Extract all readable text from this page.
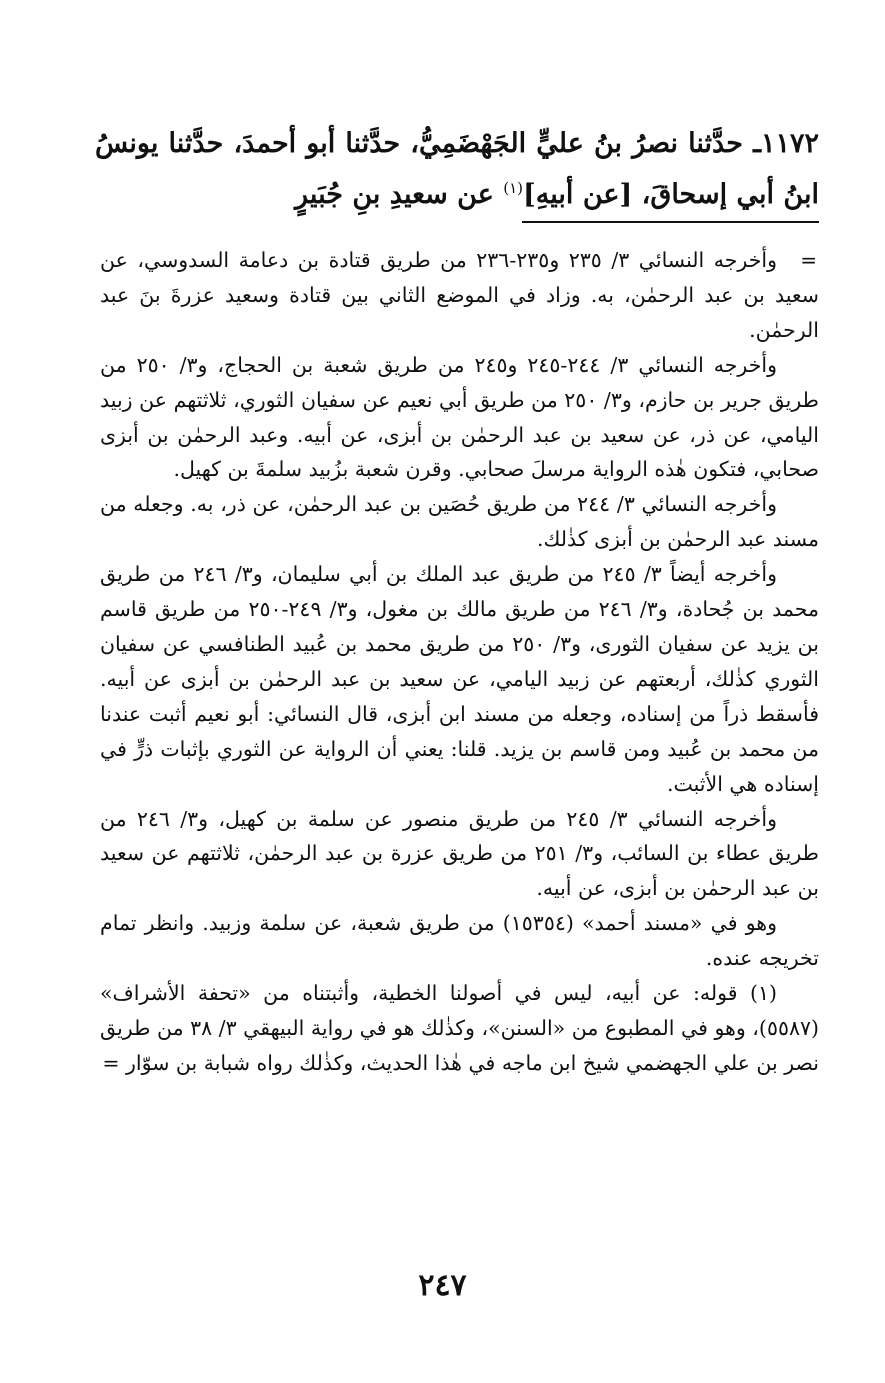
١١٧٢ـ حدَّثنا نصرُ بنُ عليٍّ الجَهْضَمِيُّ، حدَّثنا أبو أحمدَ، حدَّثنا يونسُ ابنُ أبي إسحاقَ، [عن أبيهِ]$^{(١)}$ عن سعيدِ بنِ جُبَيرٍ

=
وأخرجه النسائي ٣/ ٢٣٥ و٢٣٥-٢٣٦ من طريق قتادة بن دعامة السدوسي، عن سعيد بن عبد الرحمٰن، به. وزاد في الموضع الثاني بين قتادة وسعيد عزرةَ بنَ عبد الرحمٰن.

وأخرجه النسائي ٣/ ٢٤٤-٢٤٥ و٢٤٥ من طريق شعبة بن الحجاج، و٣/ ٢٥٠ من طريق جرير بن حازم، و٣/ ٢٥٠ من طريق أبي نعيم عن سفيان الثوري، ثلاثتهم عن زبيد اليامي، عن ذر، عن سعيد بن عبد الرحمٰن بن أبزى، عن أبيه. وعبد الرحمٰن بن أبزى صحابي، فتكون هٰذه الرواية مرسلَ صحابي. وقرن شعبة بزُبيد سلمةَ بن كهيل.

وأخرجه النسائي ٣/ ٢٤٤ من طريق حُصَين بن عبد الرحمٰن، عن ذر، به. وجعله من مسند عبد الرحمٰن بن أبزى كذٰلك.

وأخرجه أيضاً ٣/ ٢٤٥ من طريق عبد الملك بن أبي سليمان، و٣/ ٢٤٦ من طريق محمد بن جُحادة، و٣/ ٢٤٦ من طريق مالك بن مغول، و٣/ ٢٤٩-٢٥٠ من طريق قاسم بن يزيد عن سفيان الثورى، و٣/ ٢٥٠ من طريق محمد بن عُبيد الطنافسي عن سفيان الثوري كذٰلك، أربعتهم عن زبيد اليامي، عن سعيد بن عبد الرحمٰن بن أبزى عن أبيه. فأسقط ذراً من إسناده، وجعله من مسند ابن أبزى، قال النسائي: أبو نعيم أثبت عندنا من محمد بن عُبيد ومن قاسم بن يزيد. قلنا: يعني أن الرواية عن الثوري بإثبات ذرٍّ في إسناده هي الأثبت.

وأخرجه النسائي ٣/ ٢٤٥ من طريق منصور عن سلمة بن كهيل، و٣/ ٢٤٦ من طريق عطاء بن السائب، و٣/ ٢٥١ من طريق عزرة بن عبد الرحمٰن، ثلاثتهم عن سعيد بن عبد الرحمٰن بن أبزى، عن أبيه.

وهو في «مسند أحمد» (١٥٣٥٤) من طريق شعبة، عن سلمة وزبيد. وانظر تمام تخريجه عنده.

(١) قوله: عن أبيه، ليس في أصولنا الخطية، وأثبتناه من «تحفة الأشراف» (٥٥٨٧)، وهو في المطبوع من «السنن»، وكذٰلك هو في رواية البيهقي ٣/ ٣٨ من طريق نصر بن علي الجهضمي شيخ ابن ماجه في هٰذا الحديث، وكذٰلك رواه شبابة بن سوّار =

٢٤٧
